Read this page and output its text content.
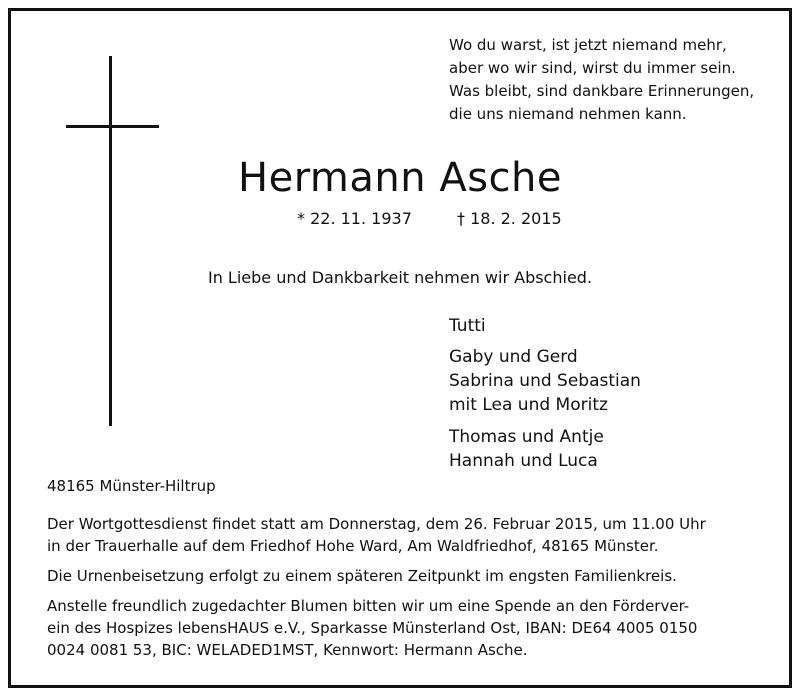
Wo du warst, ist jetzt niemand mehr,
aber wo wir sind, wirst du immer sein.
Was bleibt, sind dankbare Erinnerungen,
die uns niemand nehmen kann.
Hermann Asche
* 22. 11. 1937	† 18. 2. 2015
In Liebe und Dankbarkeit nehmen wir Abschied.
Tutti
Gaby und Gerd
Sabrina und Sebastian
mit Lea und Moritz
Thomas und Antje
Hannah und Luca
48165 Münster-Hiltrup

Der Wortgottesdienst findet statt am Donnerstag, dem 26. Februar 2015, um 11.00 Uhr
in der Trauerhalle auf dem Friedhof Hohe Ward, Am Waldfriedhof, 48165 Münster.

Die Urnenbeisetzung erfolgt zu einem späteren Zeitpunkt im engsten Familienkreis.

Anstelle freundlich zugedachter Blumen bitten wir um eine Spende an den Förderver-
ein des Hospizes lebensHAUS e.V., Sparkasse Münsterland Ost, IBAN: DE64 4005 0150
0024 0081 53, BIC: WELADED1MST, Kennwort: Hermann Asche.
